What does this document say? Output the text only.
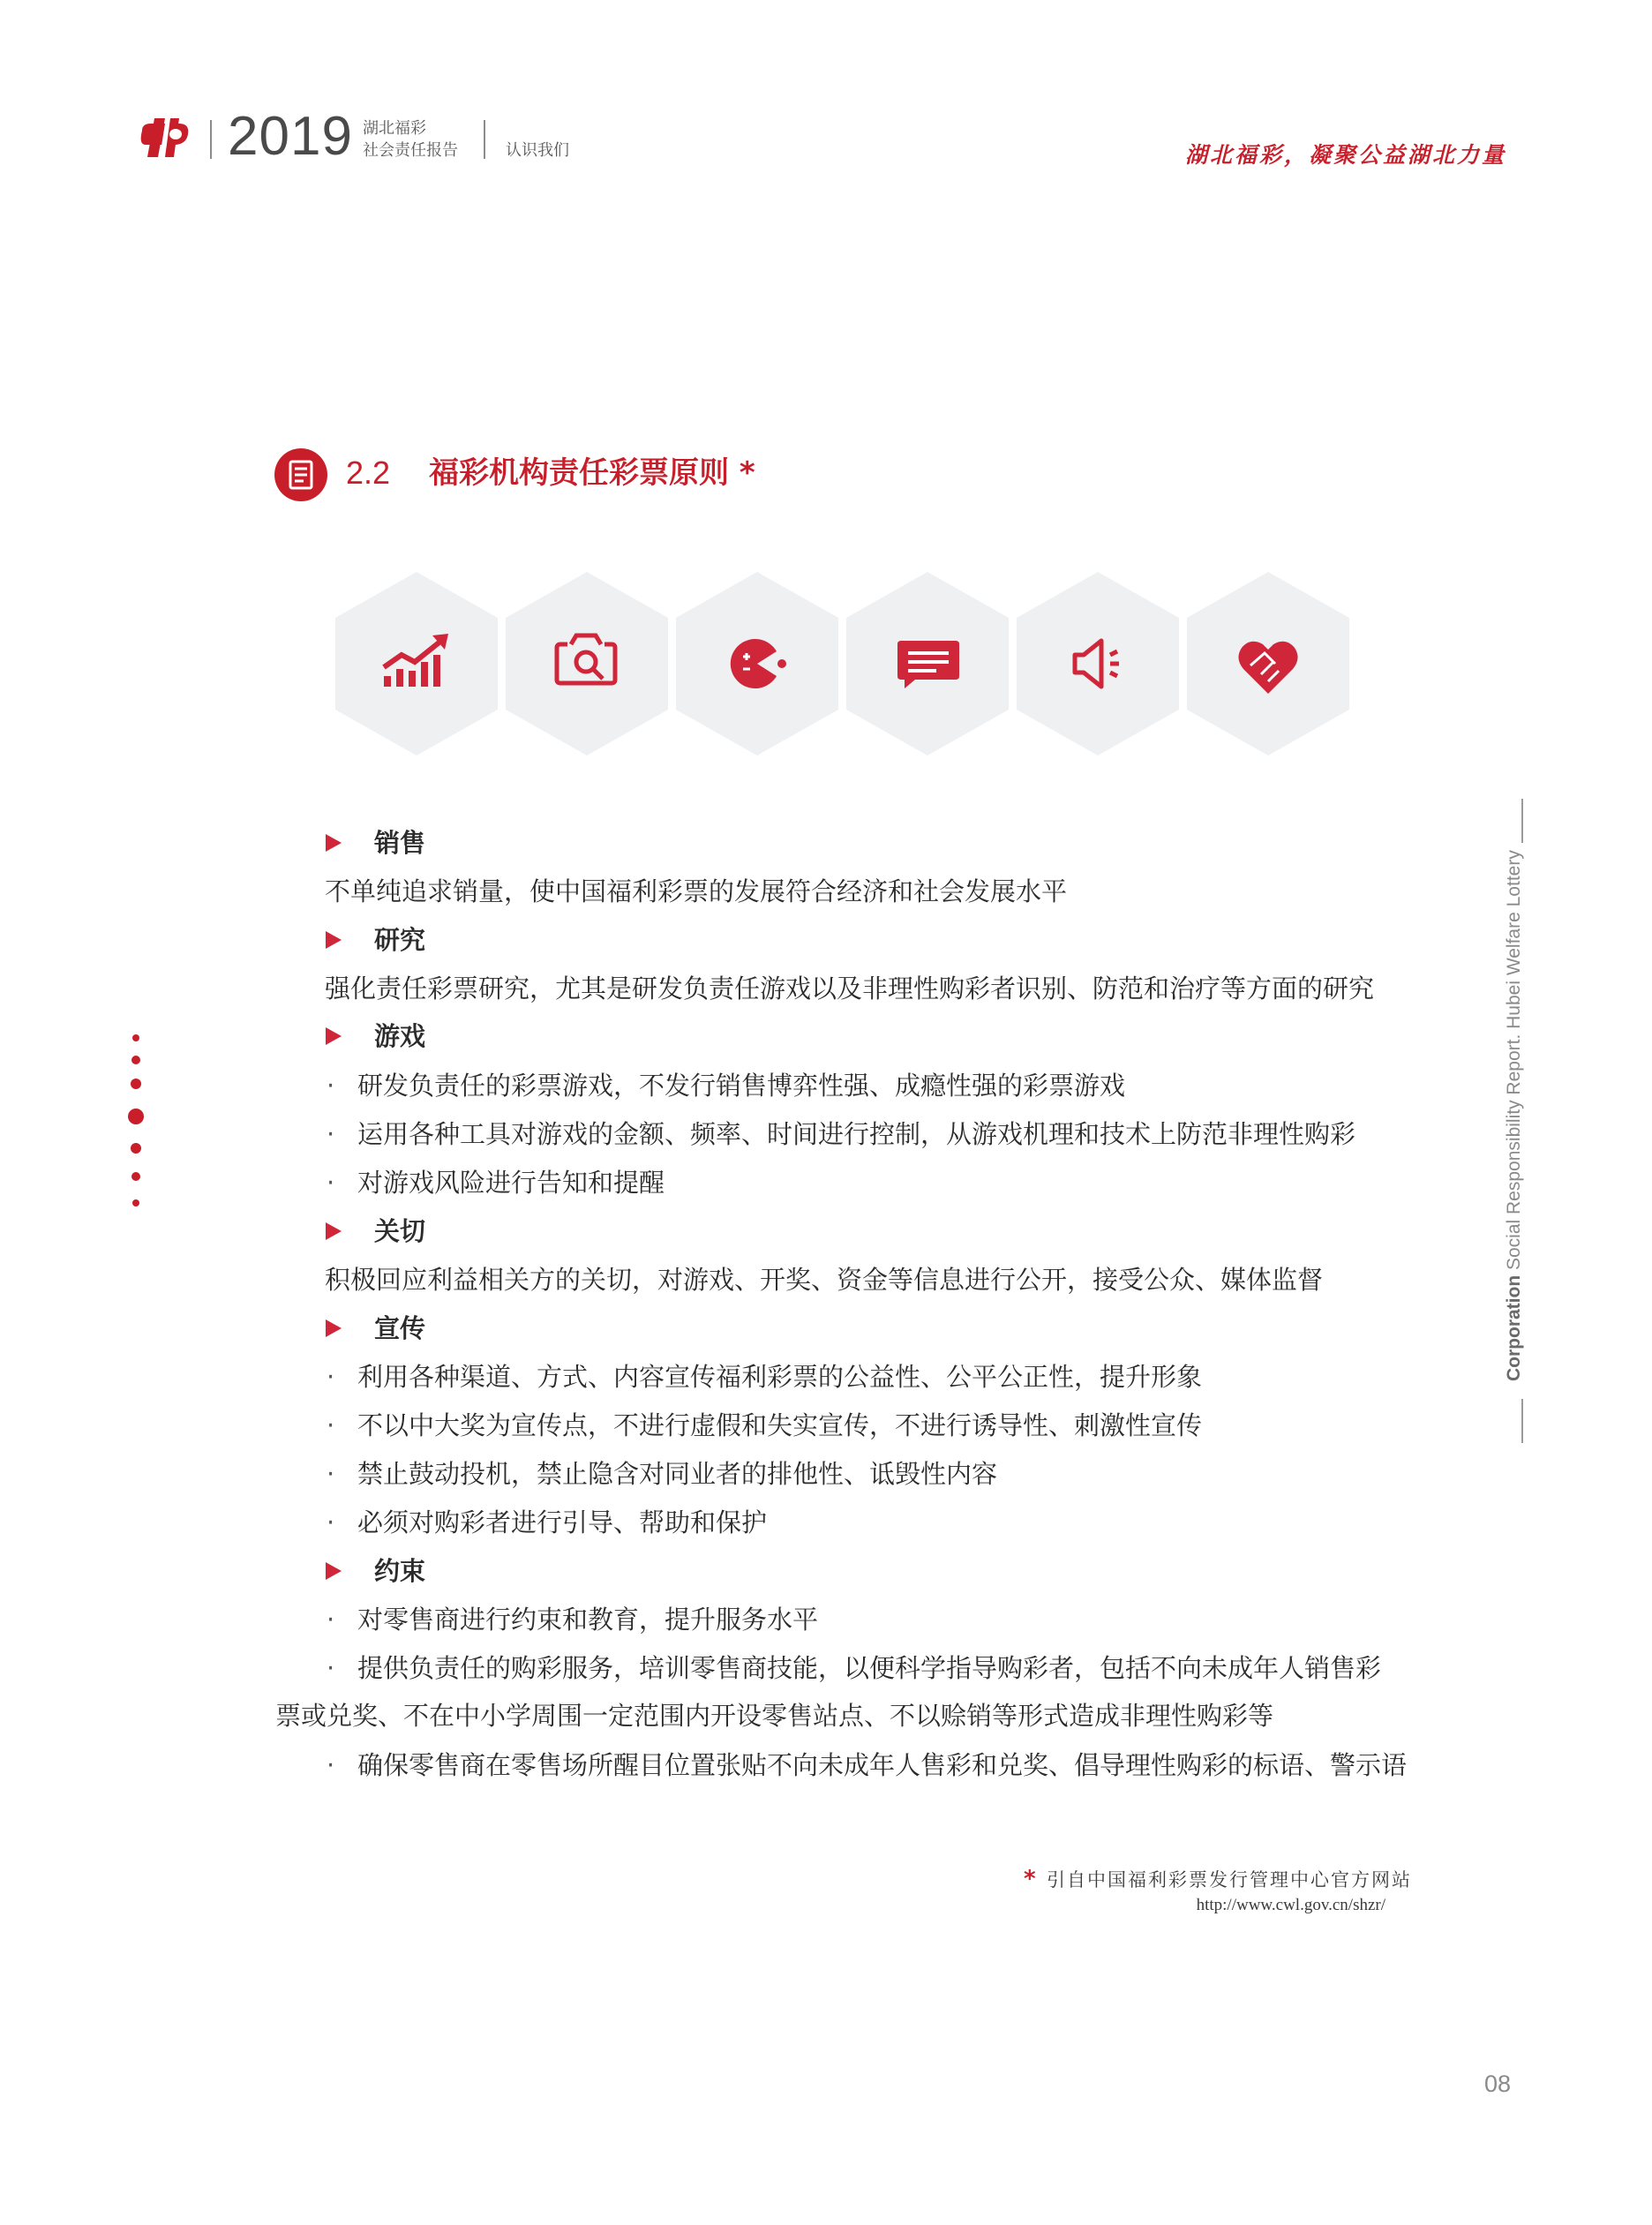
2019 湖北福彩
社会责任报告	认识我们	湖北福彩，凝聚公益湖北力量
2.2 福彩机构责任彩票原则 *
销售
不单纯追求销量，使中国福利彩票的发展符合经济和社会发展水平
研究
强化责任彩票研究，尤其是研发负责任游戏以及非理性购彩者识别、防范和治疗等方面的研究
游戏
· 研发负责任的彩票游戏，不发行销售博弈性强、成瘾性强的彩票游戏
· 运用各种工具对游戏的金额、频率、时间进行控制，从游戏机理和技术上防范非理性购彩
· 对游戏风险进行告知和提醒
关切
积极回应利益相关方的关切，对游戏、开奖、资金等信息进行公开，接受公众、媒体监督
宣传
· 利用各种渠道、方式、内容宣传福利彩票的公益性、公平公正性，提升形象
· 不以中大奖为宣传点，不进行虚假和失实宣传，不进行诱导性、刺激性宣传
· 禁止鼓动投机，禁止隐含对同业者的排他性、诋毁性内容
· 必须对购彩者进行引导、帮助和保护
约束
· 对零售商进行约束和教育，提升服务水平
· 提供负责任的购彩服务，培训零售商技能，以便科学指导购彩者，包括不向未成年人销售彩
票或兑奖、不在中小学周围一定范围内开设零售站点、不以赊销等形式造成非理性购彩等
· 确保零售商在零售场所醒目位置张贴不向未成年人售彩和兑奖、倡导理性购彩的标语、警示语
* 引自中国福利彩票发行管理中心官方网站
http://www.cwl.gov.cn/shzr/
Corporation Social Responsibility Report. Hubei Welfare Lottery
08
